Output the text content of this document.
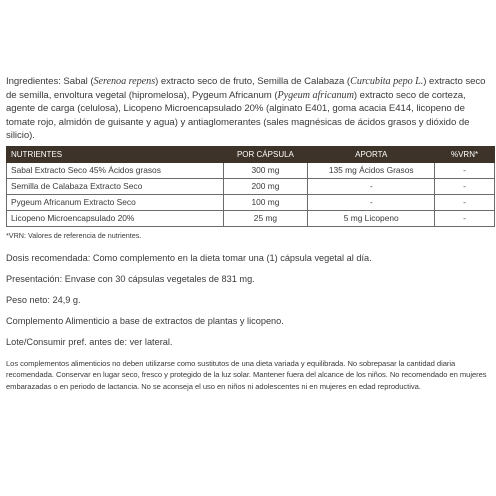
Ingredientes: Sabal (Serenoa repens) extracto seco de fruto, Semilla de Calabaza (Curcubita pepo L.) extracto seco de semilla, envoltura vegetal (hipromelosa), Pygeum Africanum (Pygeum africanum) extracto seco de corteza, agente de carga (celulosa), Licopeno Microencapsulado 20% (alginato E401, goma acacia E414, licopeno de tomate rojo, almidón de guisante y agua) y antiaglomerantes (sales magnésicas de ácidos grasos y dióxido de silicio).

NUTRIENTES	POR CÁPSULA	APORTA	%VRN*
Sabal Extracto Seco 45% Ácidos grasos	300 mg	135 mg Ácidos Grasos	-
Semilla de Calabaza Extracto Seco	200 mg	-	-
Pygeum Africanum Extracto Seco	100 mg	-	-
Licopeno Microencapsulado 20%	25 mg	5 mg Licopeno	-
*VRN: Valores de referencia de nutrientes.
Dosis recomendada: Como complemento en la dieta tomar una (1) cápsula vegetal al día.
Presentación: Envase con 30 cápsulas vegetales de 831 mg.
Peso neto: 24,9 g.
Complemento Alimenticio a base de extractos de plantas y licopeno.
Lote/Consumir pref. antes de: ver lateral.
Los complementos alimenticios no deben utilizarse como sustitutos de una dieta variada y equilibrada. No sobrepasar la cantidad diaria recomendada. Conservar en lugar seco, fresco y protegido de la luz solar. Mantener fuera del alcance de los niños. No recomendado en mujeres embarazadas o en periodo de lactancia. No se aconseja el uso en niños ni adolescentes ni en mujeres en edad reproductiva.
